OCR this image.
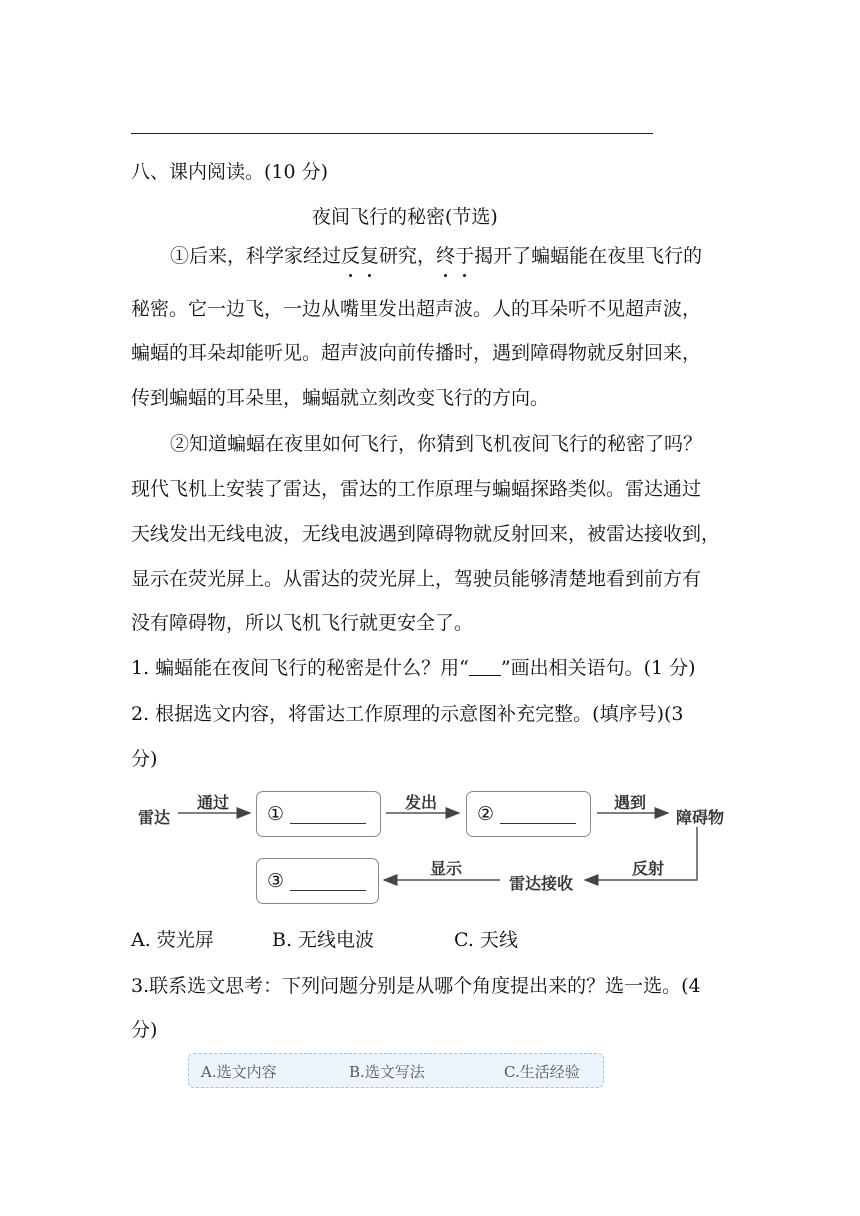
八、课内阅读。(10 分)
夜间飞行的秘密(节选)
①后来，科学家经过反复研究，终于揭开了蝙蝠能在夜里飞行的
秘密。它一边飞，一边从嘴里发出超声波。人的耳朵听不见超声波，
蝙蝠的耳朵却能听见。超声波向前传播时，遇到障碍物就反射回来，
传到蝙蝠的耳朵里，蝙蝠就立刻改变飞行的方向。
②知道蝙蝠在夜里如何飞行，你猜到飞机夜间飞行的秘密了吗？
现代飞机上安装了雷达，雷达的工作原理与蝙蝠探路类似。雷达通过
天线发出无线电波，无线电波遇到障碍物就反射回来，被雷达接收到，
显示在荧光屏上。从雷达的荧光屏上，驾驶员能够清楚地看到前方有
没有障碍物，所以飞机飞行就更安全了。
1. 蝙蝠能在夜间飞行的秘密是什么？用“ ”画出相关语句。(1 分)
2. 根据选文内容，将雷达工作原理的示意图补充完整。(填序号)(3
分)
雷达
通过
①
发出
②
遇到
障碍物
反射
雷达接收
显示
③
A. 荧光屏	B. 无线电波	C. 天线
3.联系选文思考：下列问题分别是从哪个角度提出来的？选一选。(4
分)
A.选文内容	B.选文写法	C.生活经验
